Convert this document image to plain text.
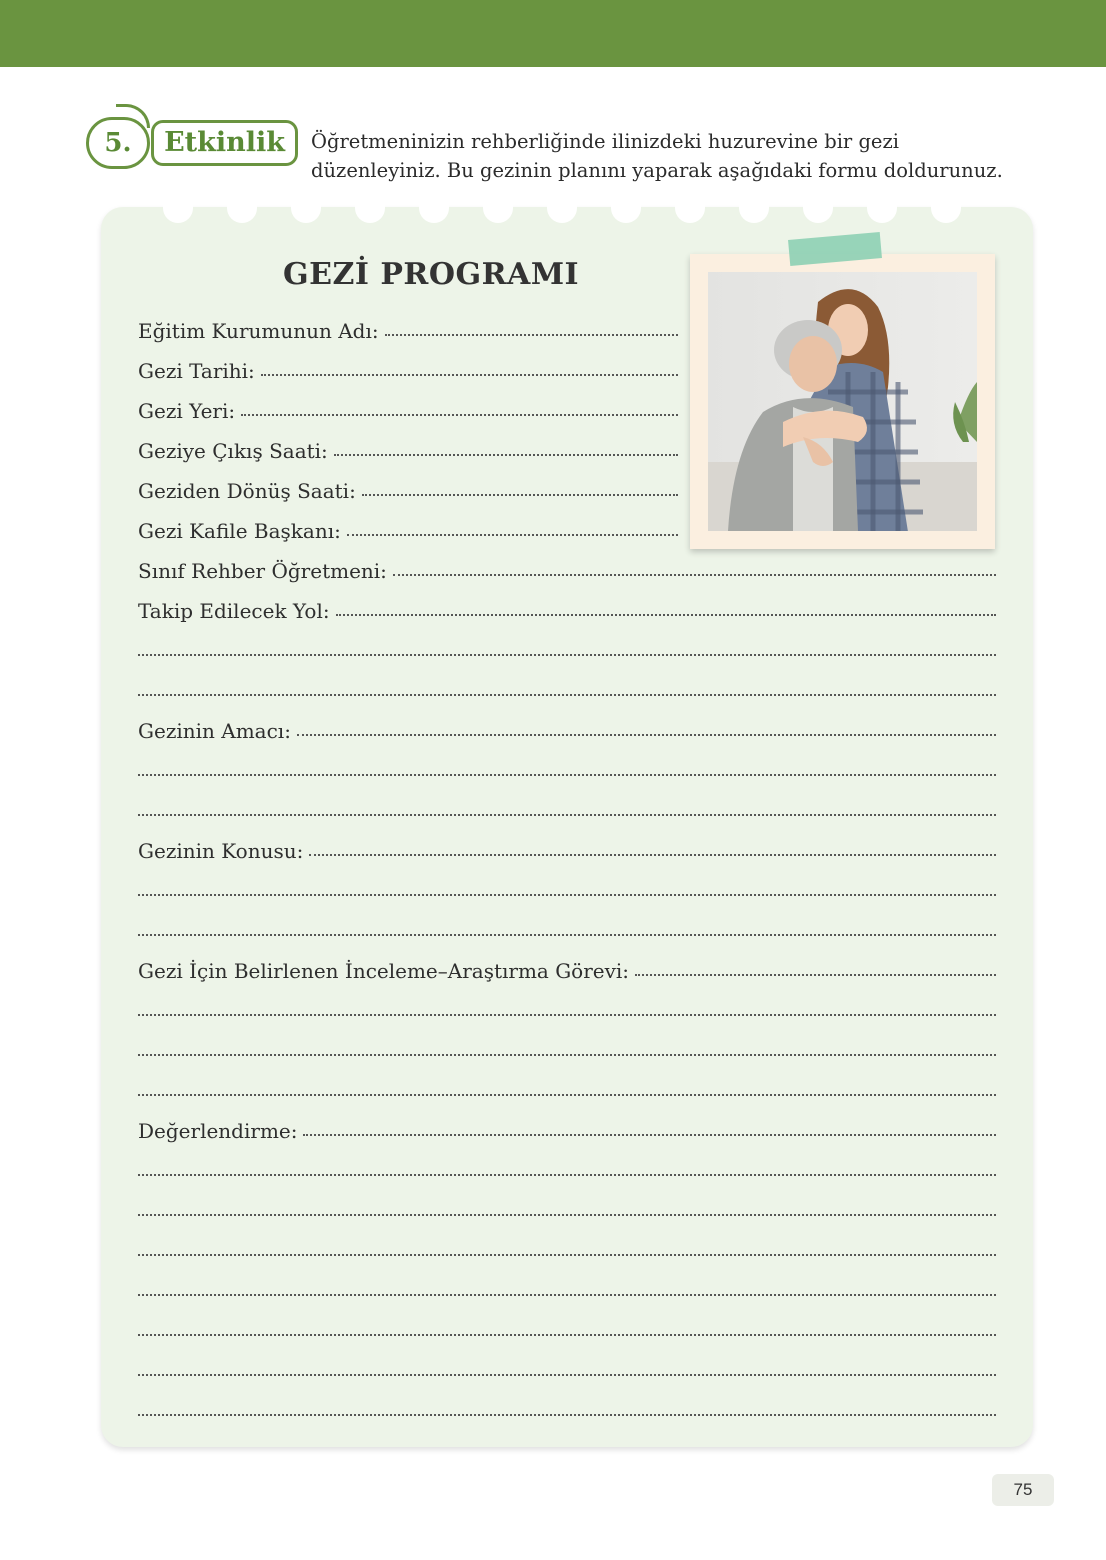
5.	Etkinlik	Öğretmeninizin rehberliğinde ilinizdeki huzurevine bir gezi düzenleyiniz. Bu gezinin planını yaparak aşağıdaki formu doldurunuz.
GEZİ PROGRAMI
Eğitim Kurumunun Adı:
Gezi Tarihi:
Gezi Yeri:
Geziye Çıkış Saati:
Geziden Dönüş Saati:
Gezi Kafile Başkanı:
Sınıf Rehber Öğretmeni:
Takip Edilecek Yol:
Gezinin Amacı:
Gezinin Konusu:
Gezi İçin Belirlenen İnceleme–Araştırma Görevi:
Değerlendirme:
75
